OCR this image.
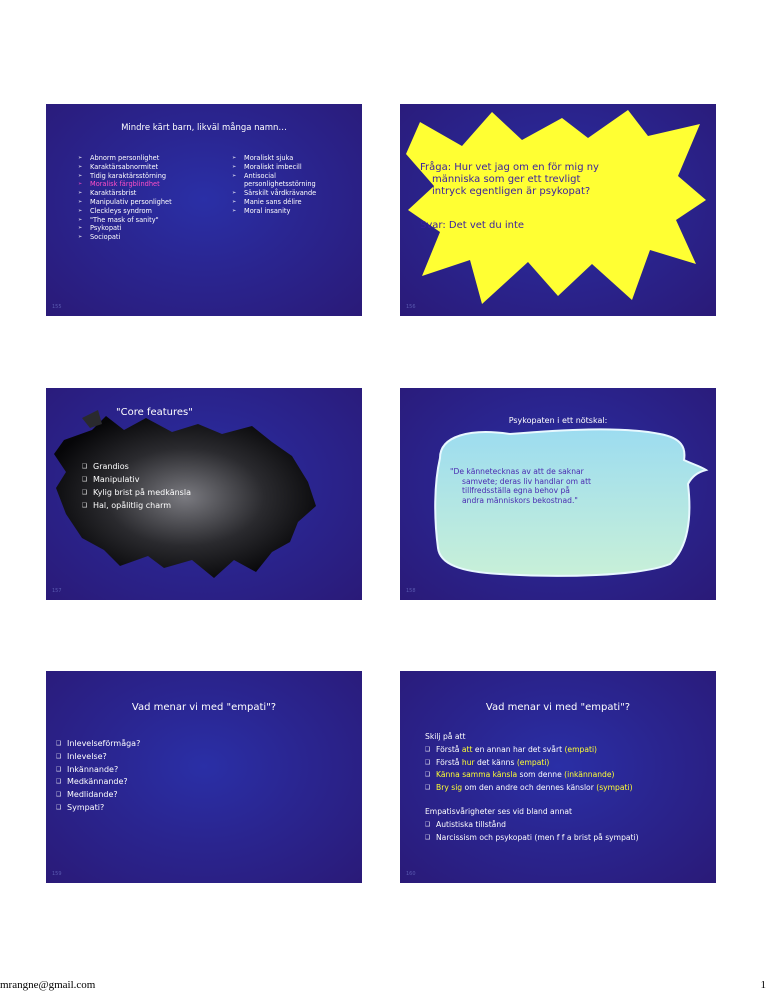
Mindre kärt barn, likväl många namn…
➢ Abnorm personlighet
➢ Karaktärsabnormitet
➢ Tidig karaktärsstörning
➢ Moralisk färgblindhet
➢ Karaktärsbrist
➢ Manipulativ personlighet
➢ Cleckleys syndrom
➢ "The mask of sanity"
➢ Psykopati
➢ Sociopati
➢ Moraliskt sjuka
➢ Moraliskt imbecill
➢ Antisocial
personlighetsstörning
➢ Särskilt vårdkrävande
➢ Manie sans délire
➢ Moral insanity
155
Fråga: Hur vet jag om en för mig ny
människa som ger ett trevligt
intryck egentligen är psykopat?
Svar: Det vet du inte
156
"Core features"
❑ Grandios
❑ Manipulativ
❑ Kylig brist på medkänsla
❑ Hal, opålitlig charm
157
Psykopaten i ett nötskal:
"De kännetecknas av att de saknar
samvete; deras liv handlar om att
tillfredsställa egna behov på
andra människors bekostnad."
158
Vad menar vi med "empati"?
❑ Inlevelseförmåga?
❑ Inlevelse?
❑ Inkännande?
❑ Medkännande?
❑ Medlidande?
❑ Sympati?
159
Vad menar vi med "empati"?
Skilj på att
❑ Förstå att en annan har det svårt (empati)
❑ Förstå hur det känns (empati)
❑ Känna samma känsla som denne (inkännande)
❑ Bry sig om den andre och dennes känslor (sympati)
Empatisvårigheter ses vid bland annat
❑ Autistiska tillstånd
❑ Narcissism och psykopati (men f f a brist på sympati)
160
mrangne@gmail.com	1
